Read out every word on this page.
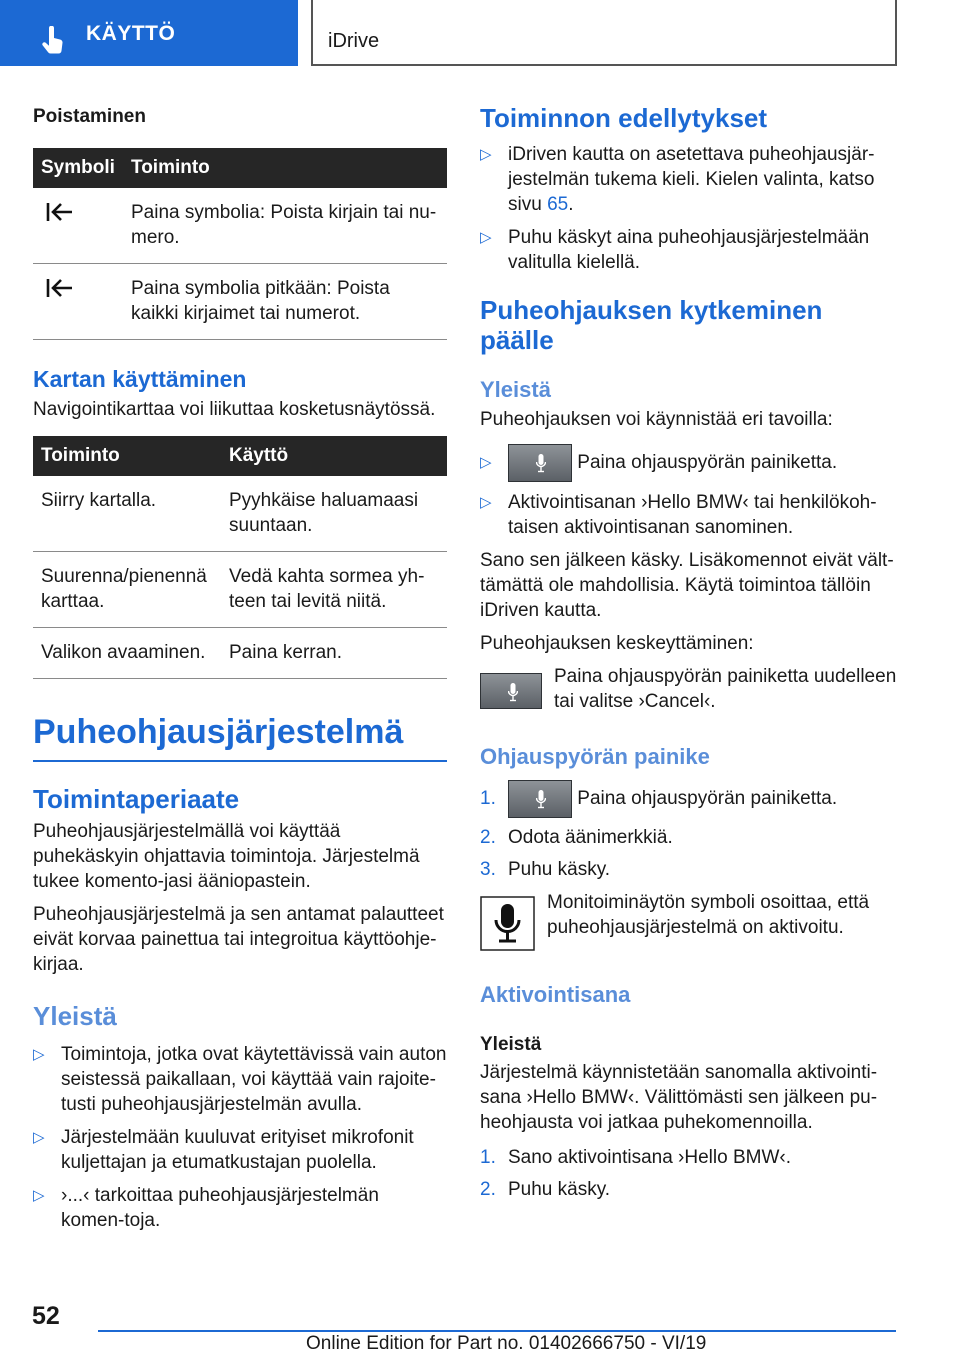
KÄYTTÖ	iDrive
Poistaminen
Symboli	Toiminto
	Paina symbolia: Poista kirjain tai nu-mero.
	Paina symbolia pitkään: Poista kaikki kirjaimet tai numerot.
Kartan käyttäminen
Navigointikarttaa voi liikuttaa kosketusnäytössä.
Toiminto	Käyttö
Siirry kartalla.	Pyyhkäise haluamaasi suuntaan.
Suurenna/pienennä karttaa.	Vedä kahta sormea yh-teen tai levitä niitä.
Valikon avaaminen.	Paina kerran.
Puheohjausjärjestelmä
Toimintaperiaate
Puheohjausjärjestelmällä voi käyttää puhekäskyin ohjattavia toimintoja. Järjestelmä tukee komento-jasi ääniopastein.
Puheohjausjärjestelmä ja sen antamat palautteet eivät korvaa painettua tai integroitua käyttöohje-kirjaa.
Yleistä
▷ Toimintoja, jotka ovat käytettävissä vain auton seistessä paikallaan, voi käyttää vain rajoite-tusti puheohjausjärjestelmän avulla.
▷ Järjestelmään kuuluvat erityiset mikrofonit kuljettajan ja etumatkustajan puolella.
▷ ›...‹ tarkoittaa puheohjausjärjestelmän komen-toja.
Toiminnon edellytykset
▷ iDriven kautta on asetettava puheohjausjär-jestelmän tukema kieli. Kielen valinta, katso sivu 65.
▷ Puhu käskyt aina puheohjausjärjestelmään valitulla kielellä.
Puheohjauksen kytkeminen päälle
Yleistä
Puheohjauksen voi käynnistää eri tavoilla:
▷	Paina ohjauspyörän painiketta.
▷ Aktivointisanan ›Hello BMW‹ tai henkilökoh-taisen aktivointisanan sanominen.
Sano sen jälkeen käsky. Lisäkomennot eivät vält-tämättä ole mahdollisia. Käytä toimintoa tällöin iDriven kautta.
Puheohjauksen keskeyttäminen:
Paina ohjauspyörän painiketta uudelleen tai valitse ›Cancel‹.
Ohjauspyörän painike
1.	Paina ohjauspyörän painiketta.
2. Odota äänimerkkiä.
3. Puhu käsky.
Monitoiminäytön symboli osoittaa, että puheohjausjärjestelmä on aktivoitu.
Aktivointisana
Yleistä
Järjestelmä käynnistetään sanomalla aktivointi-sana ›Hello BMW‹. Välittömästi sen jälkeen pu-heohjausta voi jatkaa puhekomennoilla.
1. Sano aktivointisana ›Hello BMW‹.
2. Puhu käsky.
52
Online Edition for Part no. 01402666750 - VI/19
